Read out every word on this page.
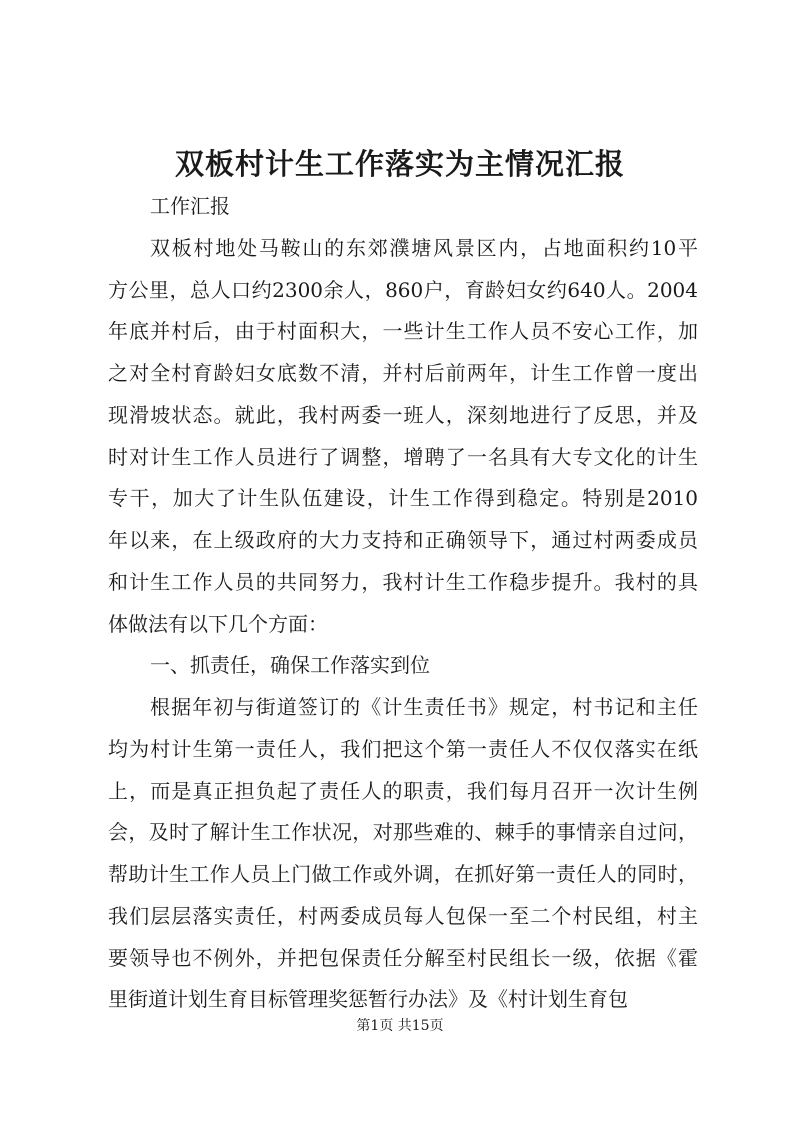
双板村计生工作落实为主情况汇报
工作汇报
双板村地处马鞍山的东郊濮塘风景区内，占地面积约10平
方公里，总人口约2300余人，860户，育龄妇女约640人。2004
年底并村后，由于村面积大，一些计生工作人员不安心工作，加
之对全村育龄妇女底数不清，并村后前两年，计生工作曾一度出
现滑坡状态。就此，我村两委一班人，深刻地进行了反思，并及
时对计生工作人员进行了调整，增聘了一名具有大专文化的计生
专干，加大了计生队伍建设，计生工作得到稳定。特别是2010
年以来，在上级政府的大力支持和正确领导下，通过村两委成员
和计生工作人员的共同努力，我村计生工作稳步提升。我村的具
体做法有以下几个方面：
一、抓责任，确保工作落实到位
根据年初与街道签订的《计生责任书》规定，村书记和主任
均为村计生第一责任人，我们把这个第一责任人不仅仅落实在纸
上，而是真正担负起了责任人的职责，我们每月召开一次计生例
会，及时了解计生工作状况，对那些难的、棘手的事情亲自过问，
帮助计生工作人员上门做工作或外调，在抓好第一责任人的同时，
我们层层落实责任，村两委成员每人包保一至二个村民组，村主
要领导也不例外，并把包保责任分解至村民组长一级，依据《霍
里街道计划生育目标管理奖惩暂行办法》及《村计划生育包
第1页 共15页
